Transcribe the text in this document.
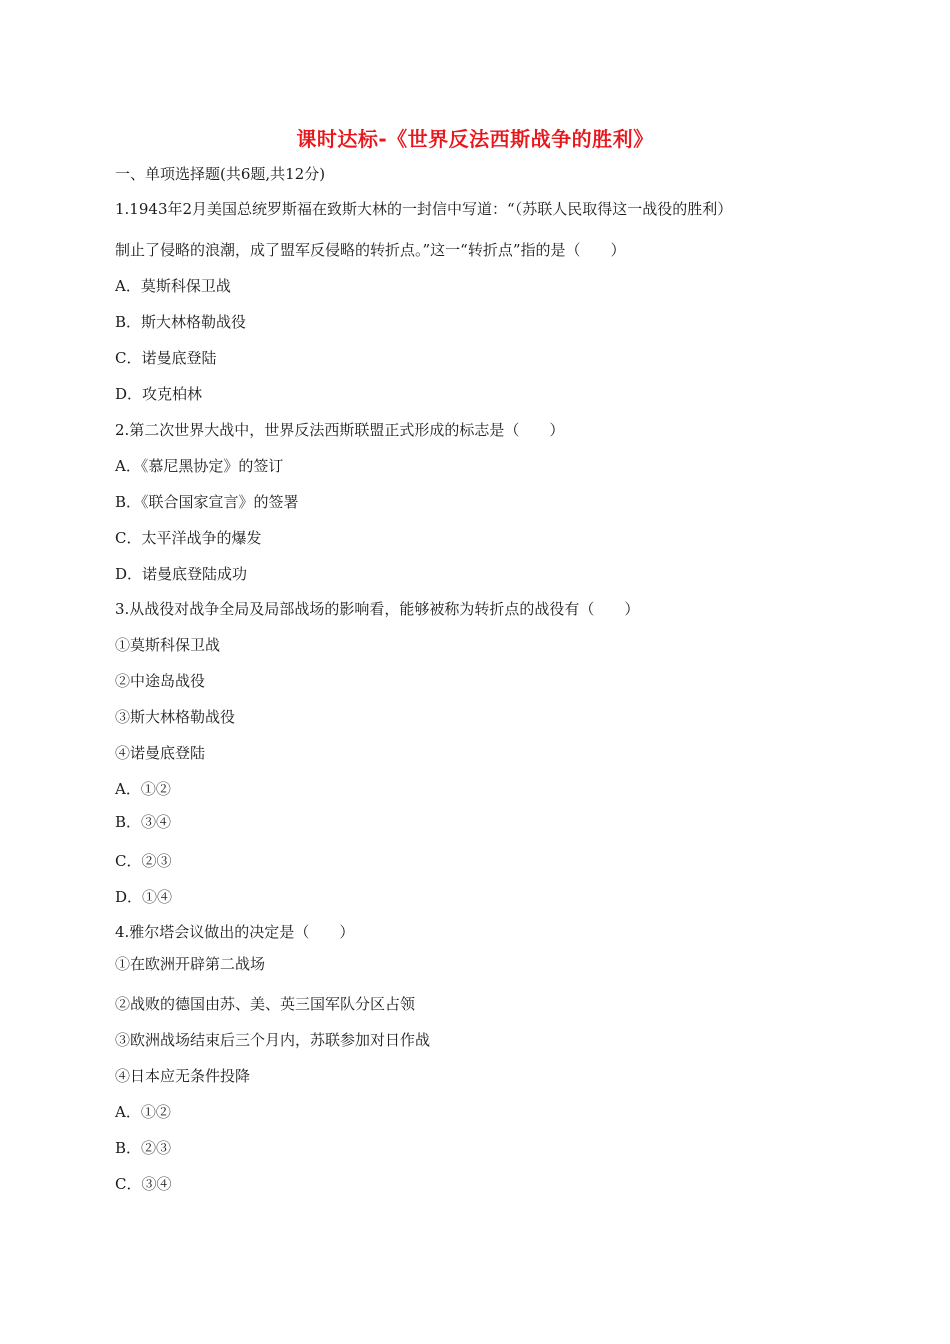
课时达标-《世界反法西斯战争的胜利》
一、单项选择题(共6题,共12分)
1.1943年2月美国总统罗斯福在致斯大林的一封信中写道：“（苏联人民取得这一战役的胜利）
制止了侵略的浪潮，成了盟军反侵略的转折点。”这一“转折点”指的是（　　）
A．莫斯科保卫战
B．斯大林格勒战役
C．诺曼底登陆
D．攻克柏林
2.第二次世界大战中，世界反法西斯联盟正式形成的标志是（　　）
A．《慕尼黑协定》的签订
B．《联合国家宣言》的签署
C．太平洋战争的爆发
D．诺曼底登陆成功
3.从战役对战争全局及局部战场的影响看，能够被称为转折点的战役有（　　）
①莫斯科保卫战
②中途岛战役
③斯大林格勒战役
④诺曼底登陆
A．①②
B．③④
C．②③
D．①④
4.雅尔塔会议做出的决定是（　　）
①在欧洲开辟第二战场
②战败的德国由苏、美、英三国军队分区占领
③欧洲战场结束后三个月内，苏联参加对日作战
④日本应无条件投降
A．①②
B．②③
C．③④
